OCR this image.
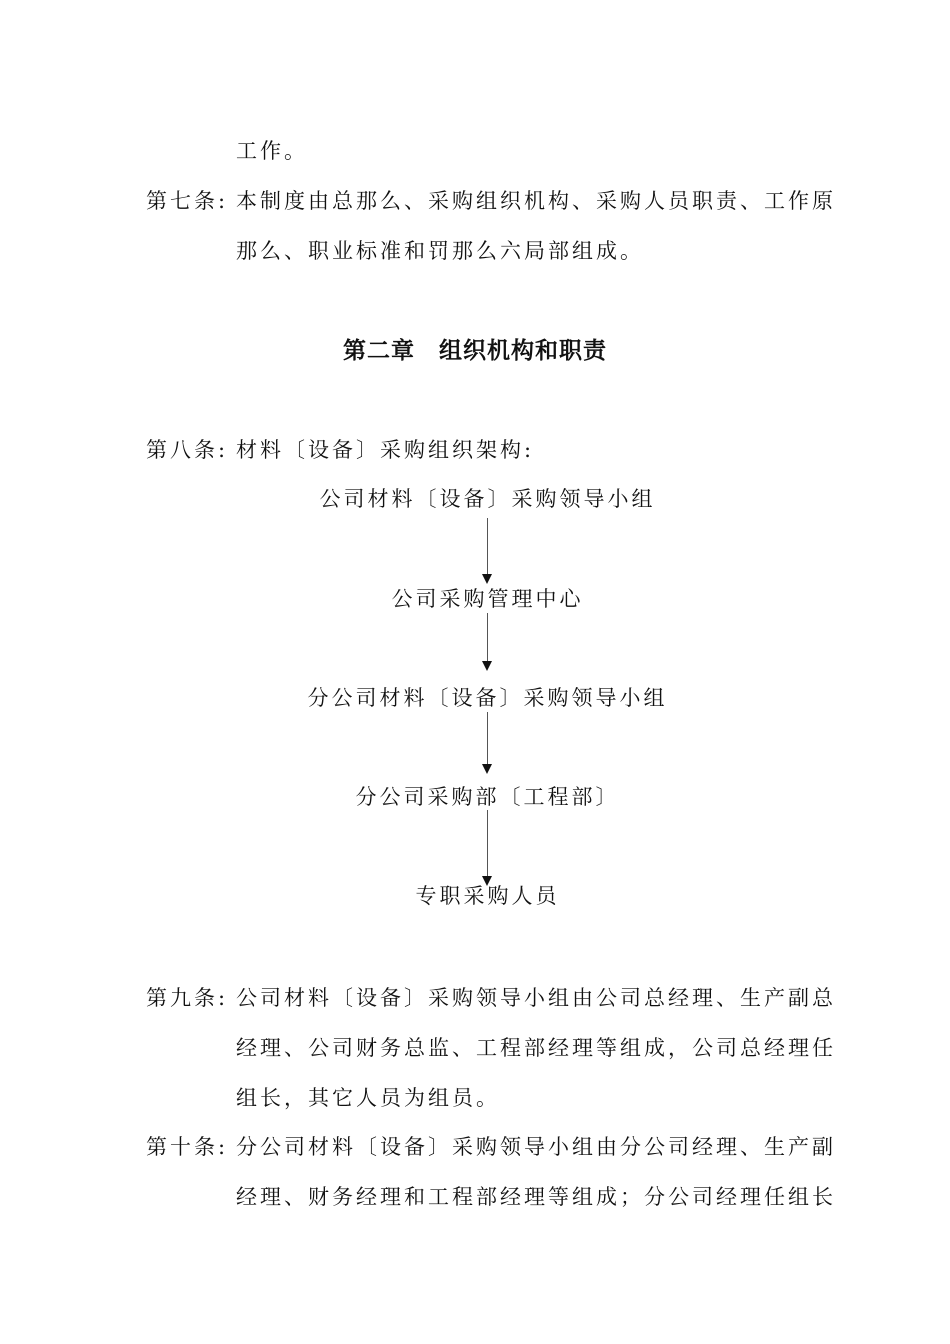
工作。
第七条: 本制度由总那么、采购组织机构、采购人员职责、工作原
那么、职业标准和罚那么六局部组成。
第二章　组织机构和职责
第八条: 材料〔设备〕采购组织架构:
公司材料〔设备〕采购领导小组
公司采购管理中心
分公司材料〔设备〕采购领导小组
分公司采购部〔工程部〕
专职采购人员
第九条: 公司材料〔设备〕采购领导小组由公司总经理、生产副总
经理、公司财务总监、工程部经理等组成，公司总经理任
组长，其它人员为组员。
第十条: 分公司材料〔设备〕采购领导小组由分公司经理、生产副
经理、财务经理和工程部经理等组成；分公司经理任组长
